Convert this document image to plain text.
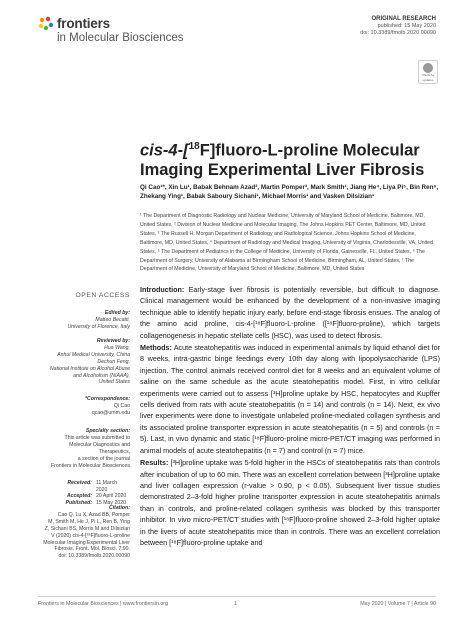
frontiers
in Molecular Biosciences
ORIGINAL RESEARCH
published: 15 May 2020
doi: 10.3389/fmolb.2020.00090
Check for updates
cis-4-[$^{18}$F]fluoro-L-proline Molecular
Imaging Experimental Liver Fibrosis
Qi Cao¹*, Xin Lu¹, Babak Behnam Azad², Martin Pomper³, Mark Smith¹, Jiang He⁴, Liya Pi⁵, Bin Ren⁶, Zhekang Ying¹, Babak Saboury Sichani¹, Michael Morris¹ and Vasken Dilsizian¹
¹ The Department of Diagnostic Radiology and Nuclear Medicine, University of Maryland School of Medicine, Baltimore, MD, United States, ² Division of Nuclear Medicine and Molecular Imaging, The Johns Hopkins PET Center, Baltimore, MD, United States, ³ The Russell H. Morgan Department of Radiology and Radiological Science, Johns Hopkins School of Medicine, Baltimore, MD, United States, ⁴ Department of Radiology and Medical Imaging, University of Virginia, Charlottesville, VA, United States, ⁵ The Department of Pediatrics in the College of Medicine, University of Florida, Gainesville, FL, United States, ⁶ The Department of Surgery, University of Alabama at Birmingham School of Medicine, Birmingham, AL, United States, ⁷ The Department of Medicine, University of Maryland School of Medicine, Baltimore, MD, United States
OPEN ACCESS
Edited by:
Matteo Becatti,
University of Florence, Italy
Reviewed by:
Hua Wang,
Anhui Medical University, China
Dechun Feng,
National Institute on Alcohol Abuse
and Alcoholism (NIAAA),
United States
*Correspondence:
Qi Cao
qcao@umm.edu
Specialty section:
This article was submitted to
Molecular Diagnostics and
Therapeutics,
a section of the journal
Frontiers in Molecular Biosciences
Received: 11 March 2020
Accepted: 20 April 2020
Published: 15 May 2020
Citation:
Cao Q, Lu X, Azad BB, Pomper
M, Smith M, He J, Pi L, Ren B, Ying
Z, Sichani BS, Morris M and Dilsizian
V (2020) cis-4-[¹⁸F]fluoro-L-proline
Molecular Imaging Experimental Liver
Fibrosis. Front. Mol. Biosci. 7:90.
doi: 10.3389/fmolb.2020.00090

Introduction: Early-stage liver fibrosis is potentially reversible, but difficult to diagnose. Clinical management would be enhanced by the development of a non-invasive imaging technique able to identify hepatic injury early, before end-stage fibrosis ensues. The analog of the amino acid proline, cis-4-[¹⁸F]fluoro-L-proline ([¹⁸F]fluoro-proline), which targets collagenogenesis in hepatic stellate cells (HSC), was used to detect fibrosis.

Methods: Acute steatohepatitis was induced in experimental animals by liquid ethanol diet for 8 weeks, intra-gastric binge feedings every 10th day along with lipopolysaccharide (LPS) injection. The control animals received control diet for 8 weeks and an equivalent volume of saline on the same schedule as the acute steatohepatitis model. First, in vitro cellular experiments were carried out to assess [³H]proline uptake by HSC, hepatocytes and Kupffer cells derived from rats with acute steatohepatitis (n = 14) and controls (n = 14). Next, ex vivo liver experiments were done to investigate unlabeled proline-mediated collagen synthesis and its associated proline transporter expression in acute steatohepatitis (n = 5) and controls (n = 5). Last, in vivo dynamic and static [¹⁸F]fluoro-proline micro-PET/CT imaging was performed in animal models of acute steatohepatitis (n = 7) and control (n = 7) mice.

Results: [³H]proline uptake was 5-fold higher in the HSCs of steatohepatitis rats than controls after incubation of up to 60 min. There was an excellent correlation between [³H]proline uptake and liver collagen expression (r-value > 0.90, p < 0.05). Subsequent liver tissue studies demonstrated 2–3-fold higher proline transporter expression in acute steatohepatitis animals than in controls, and proline-related collagen synthesis was blocked by this transporter inhibitor. In vivo micro-PET/CT studies with [¹⁸F]fluoro-proline showed 2–3-fold higher uptake in the livers of acute steatohepatitis mice than in controls. There was an excellent correlation between [¹⁸F]fluoro-proline uptake and

Frontiers in Molecular Biosciences | www.frontiersin.org	1	May 2020 | Volume 7 | Article 90
